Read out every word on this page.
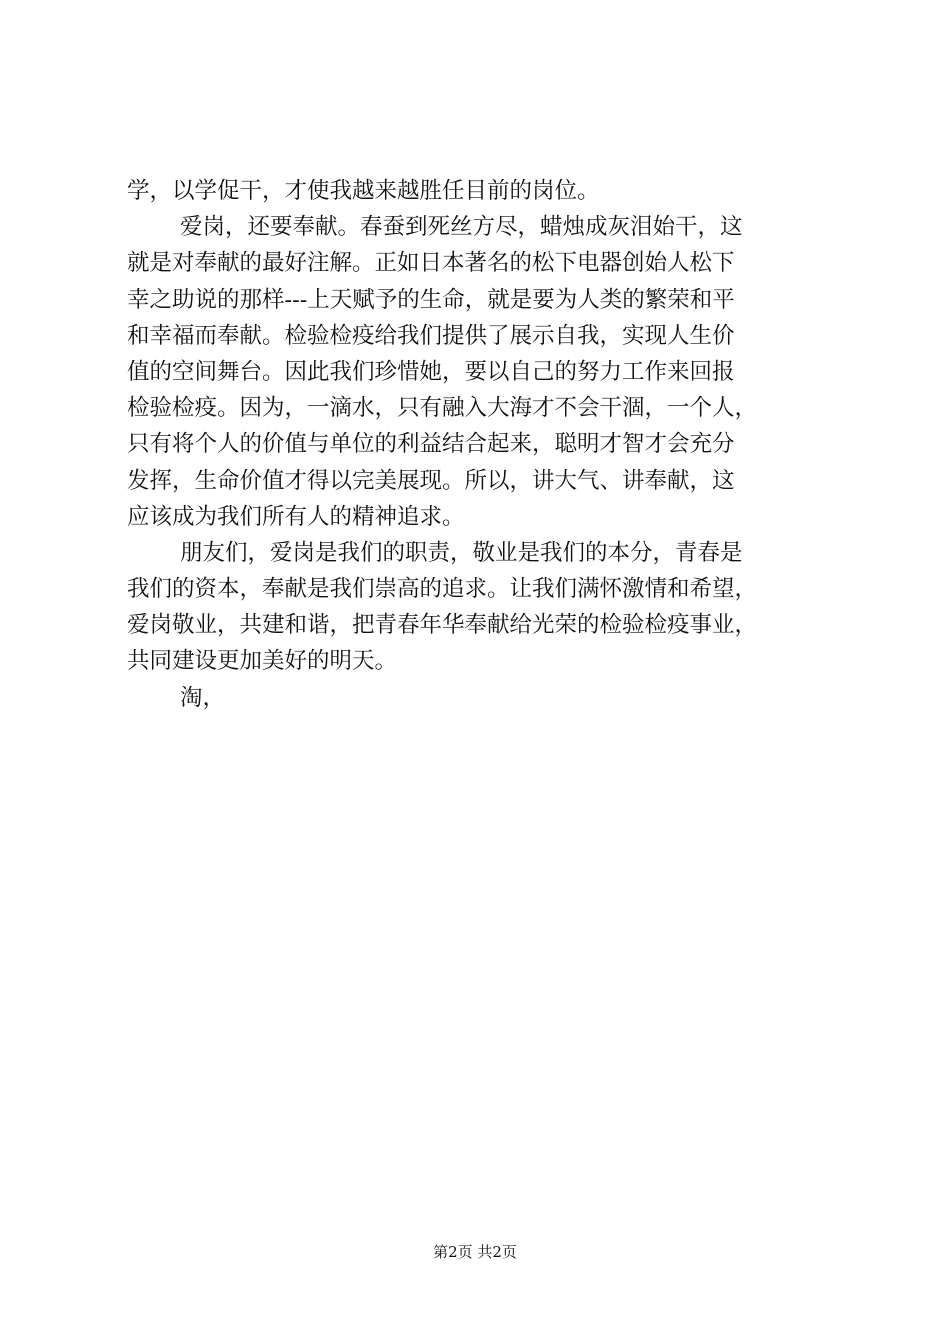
学，以学促干，才使我越来越胜任目前的岗位。
爱岗，还要奉献。春蚕到死丝方尽，蜡烛成灰泪始干，这
就是对奉献的最好注解。正如日本著名的松下电器创始人松下
幸之助说的那样---上天赋予的生命，就是要为人类的繁荣和平
和幸福而奉献。检验检疫给我们提供了展示自我，实现人生价
值的空间舞台。因此我们珍惜她，要以自己的努力工作来回报
检验检疫。因为，一滴水，只有融入大海才不会干涸，一个人，
只有将个人的价值与单位的利益结合起来，聪明才智才会充分
发挥，生命价值才得以完美展现。所以，讲大气、讲奉献，这
应该成为我们所有人的精神追求。
朋友们，爱岗是我们的职责，敬业是我们的本分，青春是
我们的资本，奉献是我们崇高的追求。让我们满怀激情和希望，
爱岗敬业，共建和谐，把青春年华奉献给光荣的检验检疫事业，
共同建设更加美好的明天。
淘，
第2页 共2页
